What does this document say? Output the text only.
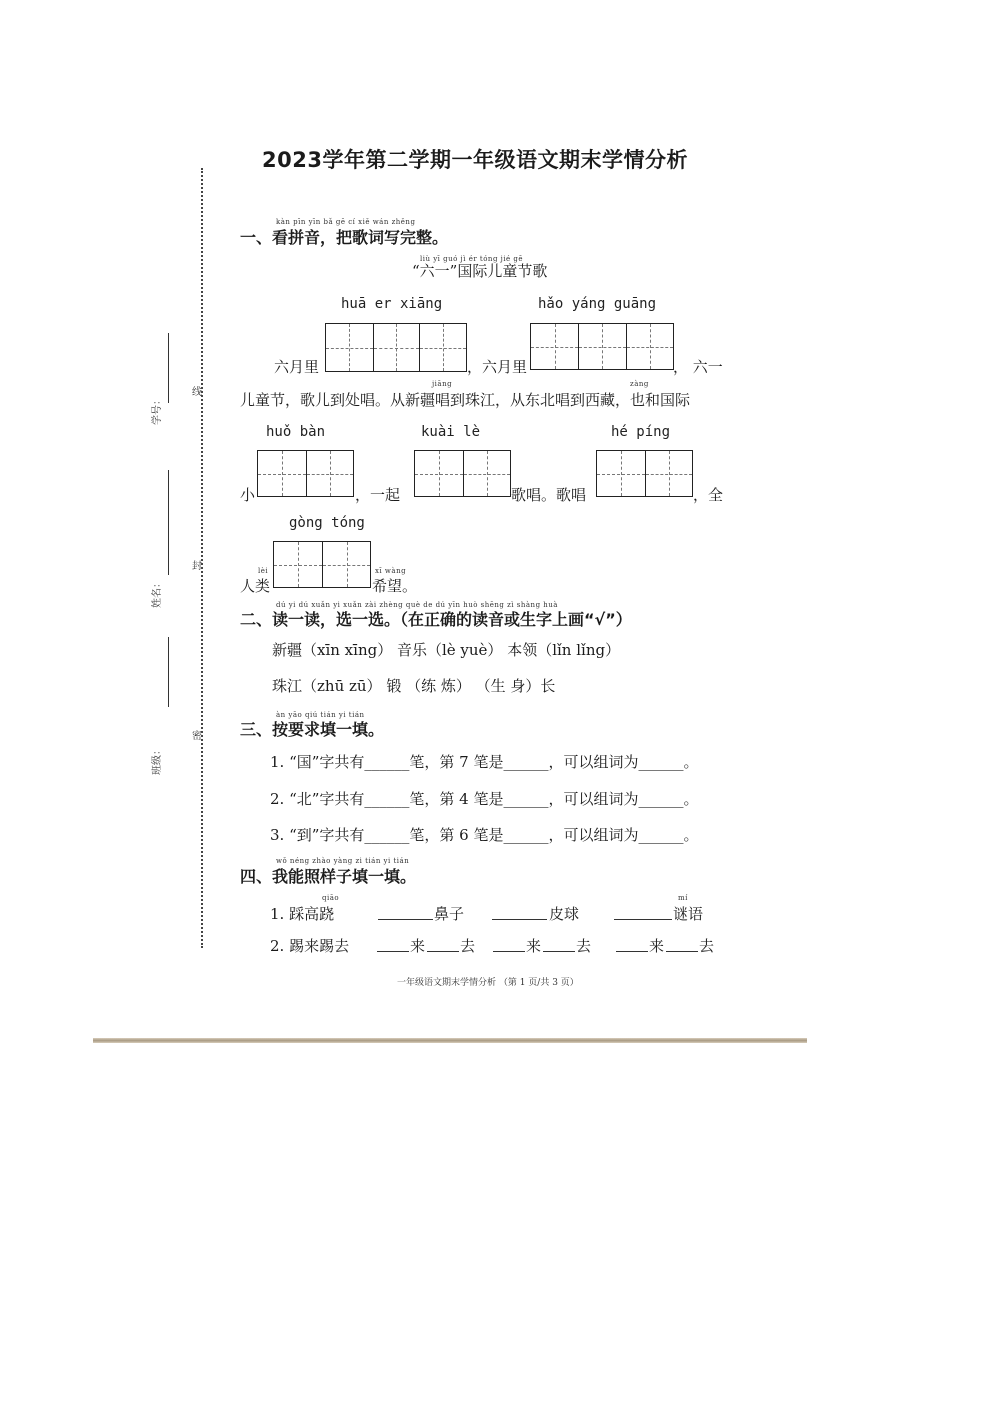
2023学年第二学期一年级语文期末学情分析
线
封
密
学号：
姓名：
班级：
kàn pīn yīn bǎ gē cí xiě wán zhěng
一、看拼音，把歌词写完整。
liù yī guó jì ér tóng jié gē
“六一”国际儿童节歌
huā er xiāng	hǎo yáng guāng
六月里	，六月里	， 六一
jiāng	zàng
儿童节，歌儿到处唱。从新疆唱到珠江，从东北唱到西藏，也和国际
huǒ bàn	kuài lè	hé píng
小	，一起	歌唱。歌唱	，全
gòng tóng
lèi	xī wàng
人类	希望。
dú yi dú xuǎn yi xuǎn zài zhèng què de dú yīn huò shēng zì shàng huà
二、读一读，选一选。（在正确的读音或生字上画“√”）
新疆（xīn xīng） 音乐（lè yuè） 本领（lǐn lǐng）
珠江（zhū zū） 锻 （练 炼） （生 身）长
àn yāo qiú tián yi tián
三、按要求填一填。
1. “国”字共有______笔，第 7 笔是______，可以组词为______。
2. “北”字共有______笔，第 4 笔是______，可以组词为______。
3. “到”字共有______笔，第 6 笔是______，可以组词为______。
wǒ néng zhào yàng zi tián yi tián
四、我能照样子填一填。
qiāo
1. 踩高跷	鼻子	皮球
mí
谜语
2. 踢来踢去	来 去	来 去	来 去
一年级语文期末学情分析 （第 1 页/共 3 页）
